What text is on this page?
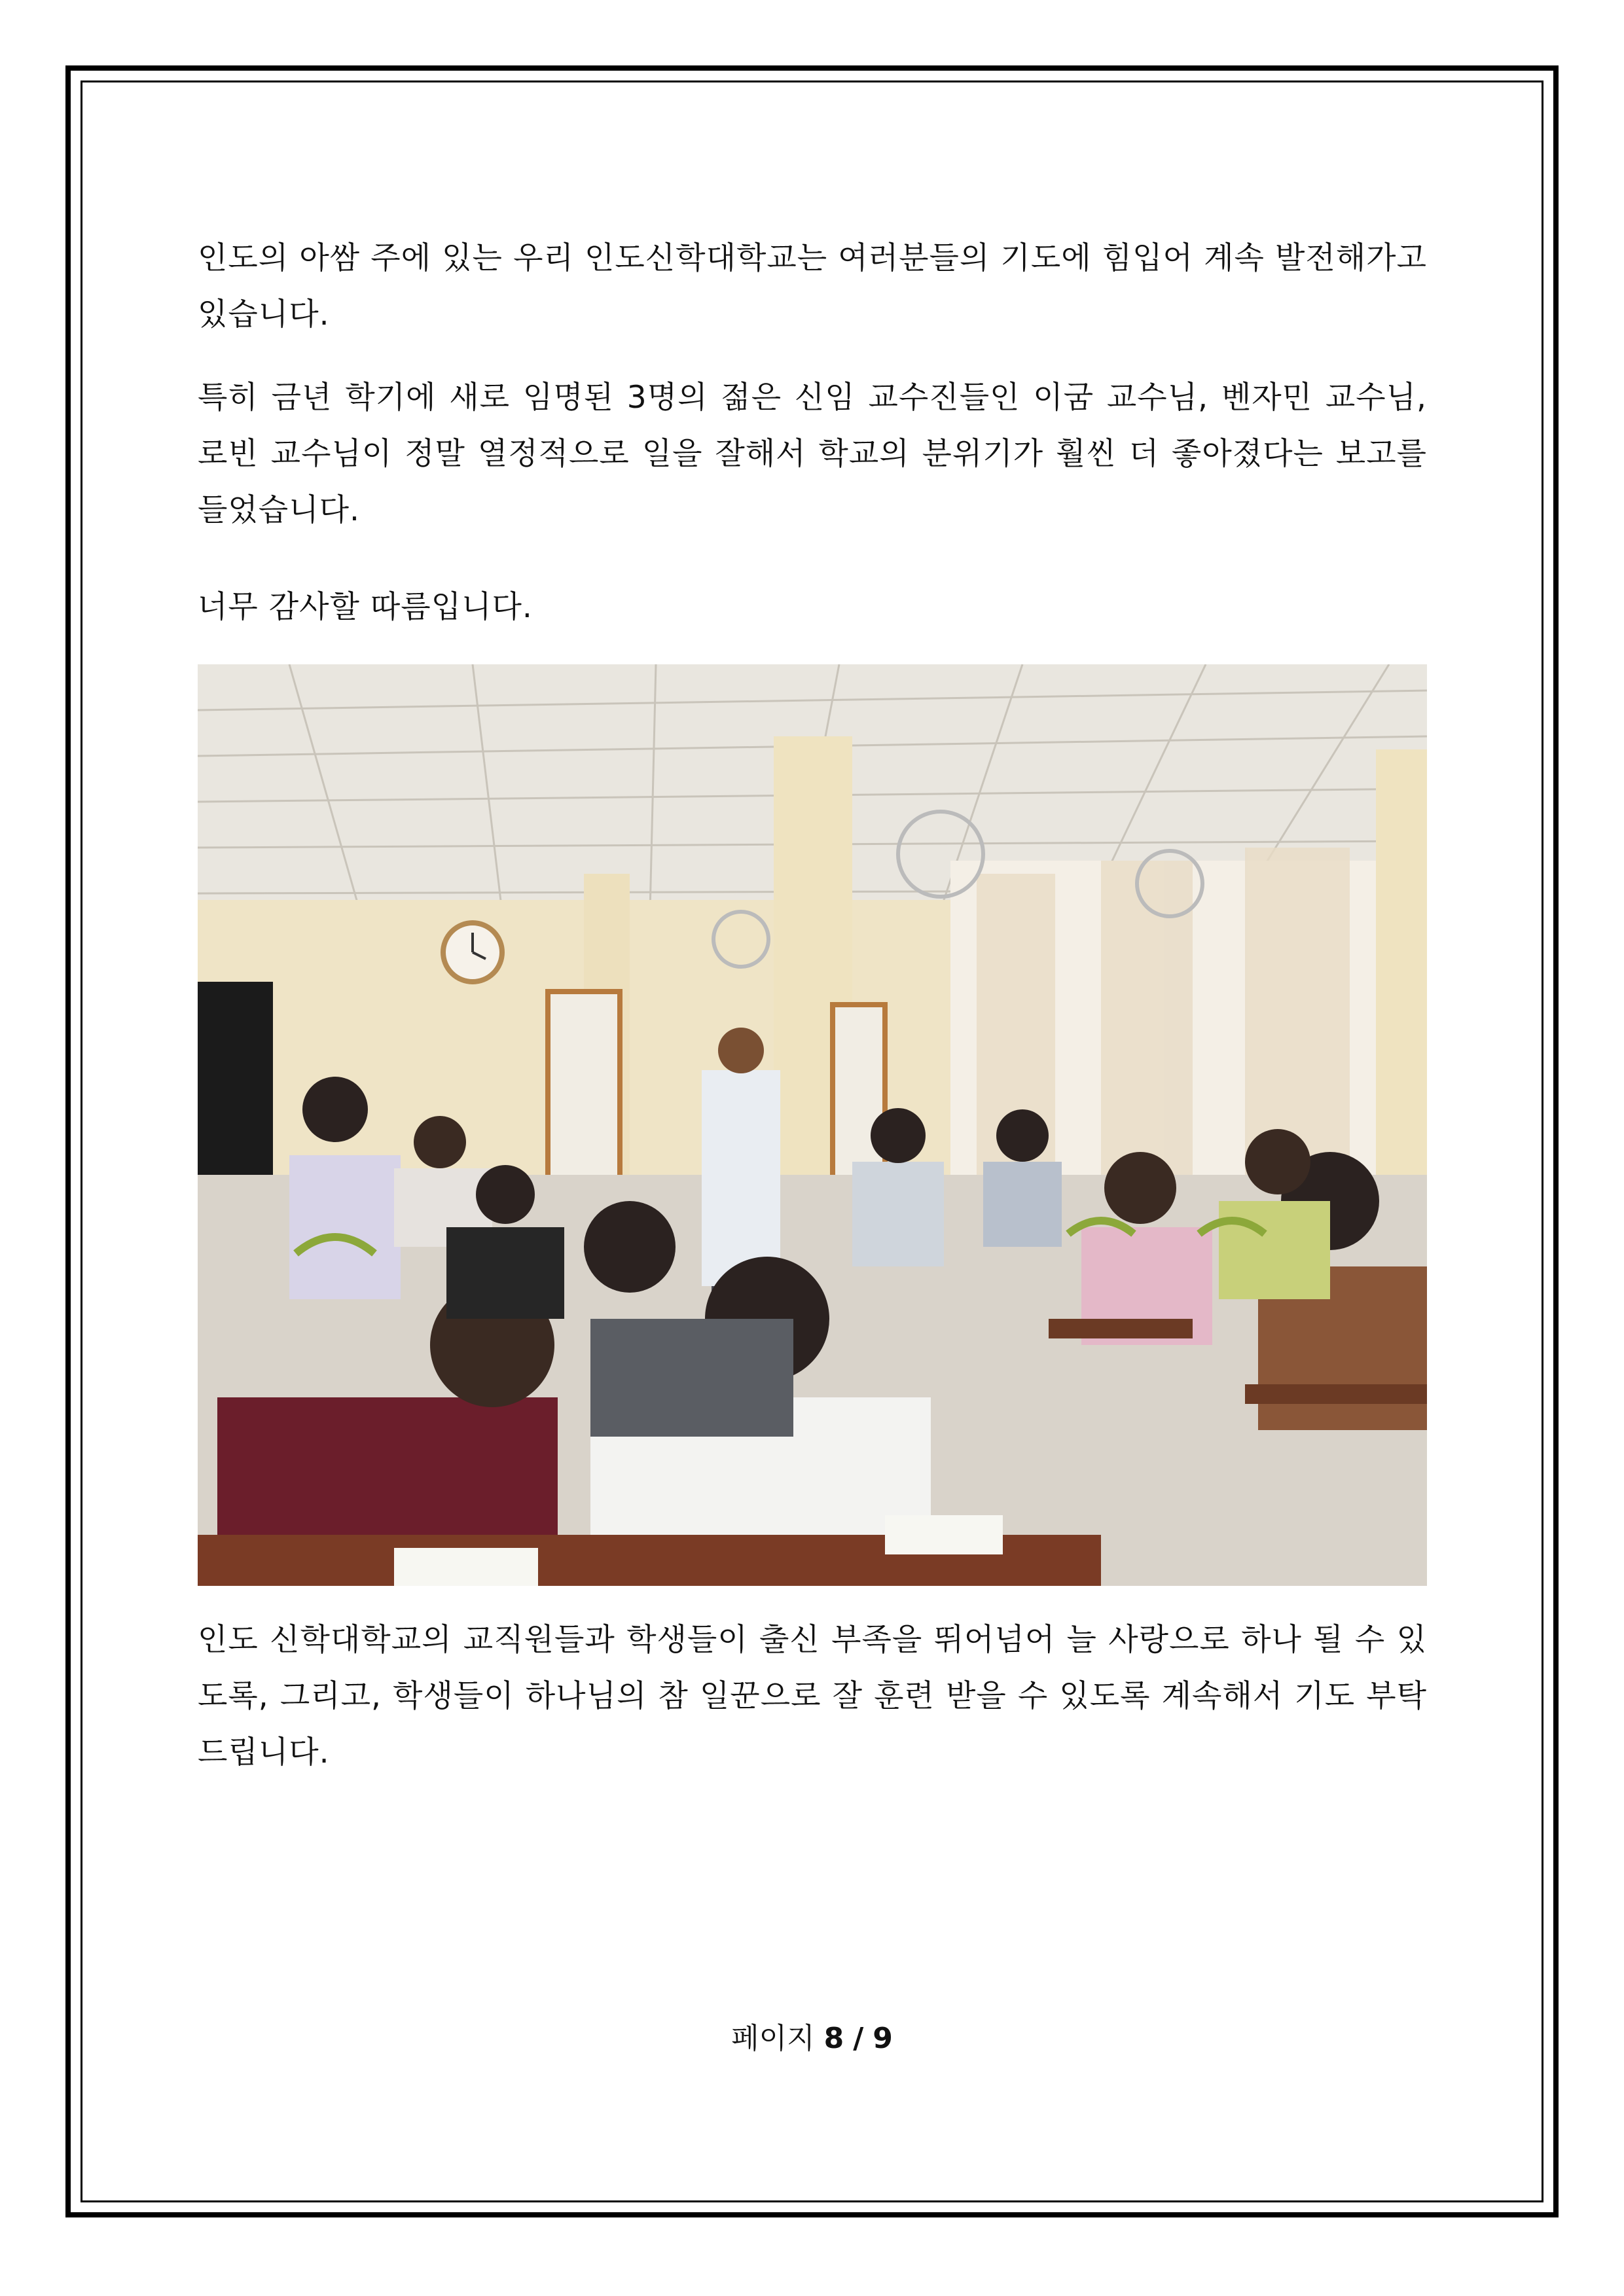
인도의 아쌈 주에 있는 우리 인도신학대학교는 여러분들의 기도에 힘입어 계속 발전해가고 있습니다.

특히 금년 학기에 새로 임명된 3명의 젊은 신임 교수진들인 이굼 교수님, 벤자민 교수님, 로빈 교수님이 정말 열정적으로 일을 잘해서 학교의 분위기가 훨씬 더 좋아졌다는 보고를 들었습니다.

너무 감사할 따름입니다.

인도 신학대학교의 교직원들과 학생들이 출신 부족을 뛰어넘어 늘 사랑으로 하나 될 수 있도록, 그리고, 학생들이 하나님의 참 일꾼으로 잘 훈련 받을 수 있도록 계속해서 기도 부탁드립니다.

페이지 8 / 9
